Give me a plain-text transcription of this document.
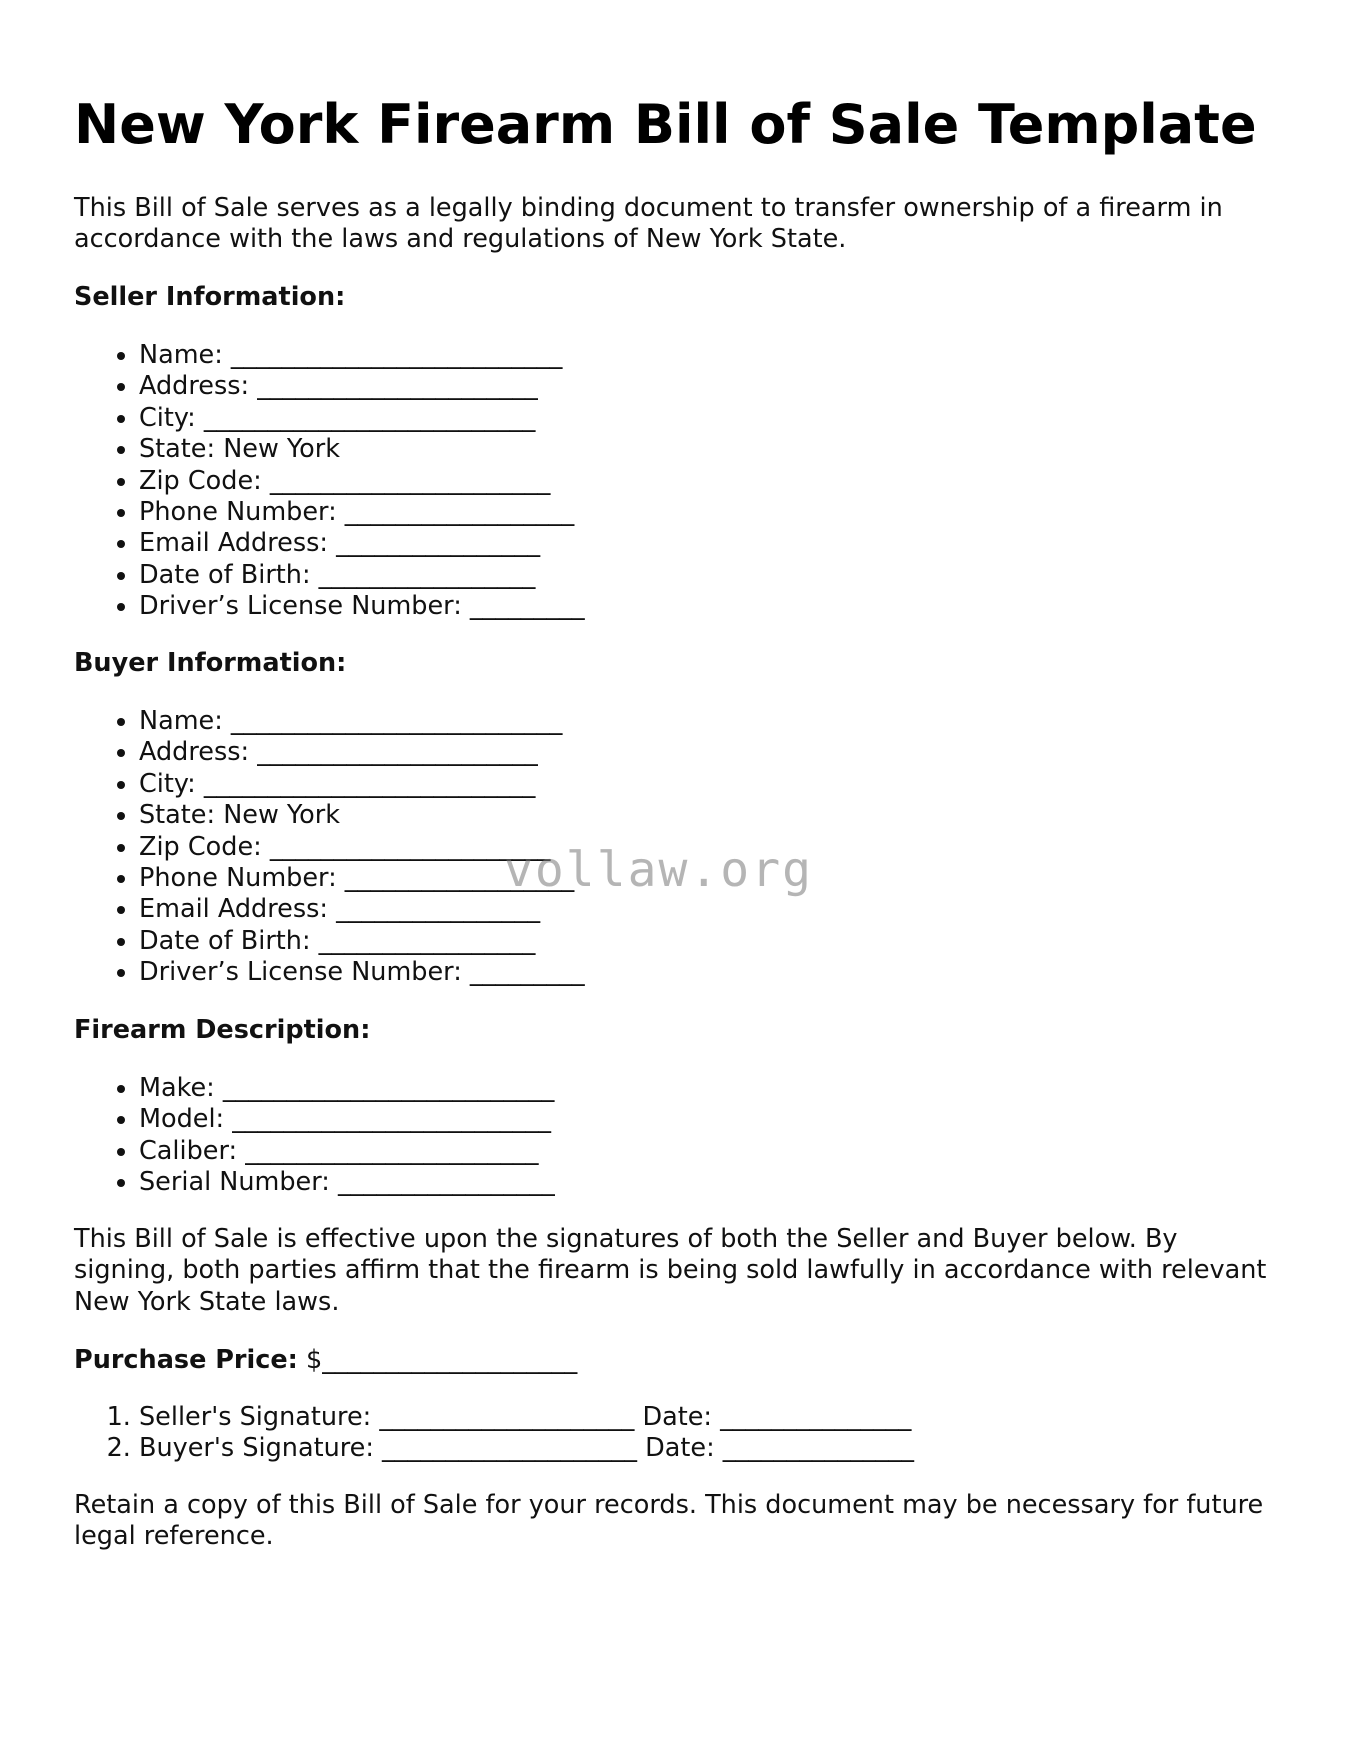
New York Firearm Bill of Sale Template
This Bill of Sale serves as a legally binding document to transfer ownership of a firearm in accordance with the laws and regulations of New York State.
Seller Information:
• Name: __________________________
• Address: ______________________
• City: __________________________
• State: New York
• Zip Code: ______________________
• Phone Number: __________________
• Email Address: ________________
• Date of Birth: _________________
• Driver’s License Number: _________
Buyer Information:
• Name: __________________________
• Address: ______________________
• City: __________________________
• State: New York
• Zip Code: ______________________
• Phone Number: __________________
• Email Address: ________________
• Date of Birth: _________________
• Driver’s License Number: _________
Firearm Description:
• Make: __________________________
• Model: _________________________
• Caliber: _______________________
• Serial Number: _________________
This Bill of Sale is effective upon the signatures of both the Seller and Buyer below. By signing, both parties affirm that the firearm is being sold lawfully in accordance with relevant New York State laws.
Purchase Price: $____________________
1. Seller's Signature: ____________________ Date: _______________
2. Buyer's Signature: ____________________ Date: _______________
Retain a copy of this Bill of Sale for your records. This document may be necessary for future legal reference.
vollaw.org
